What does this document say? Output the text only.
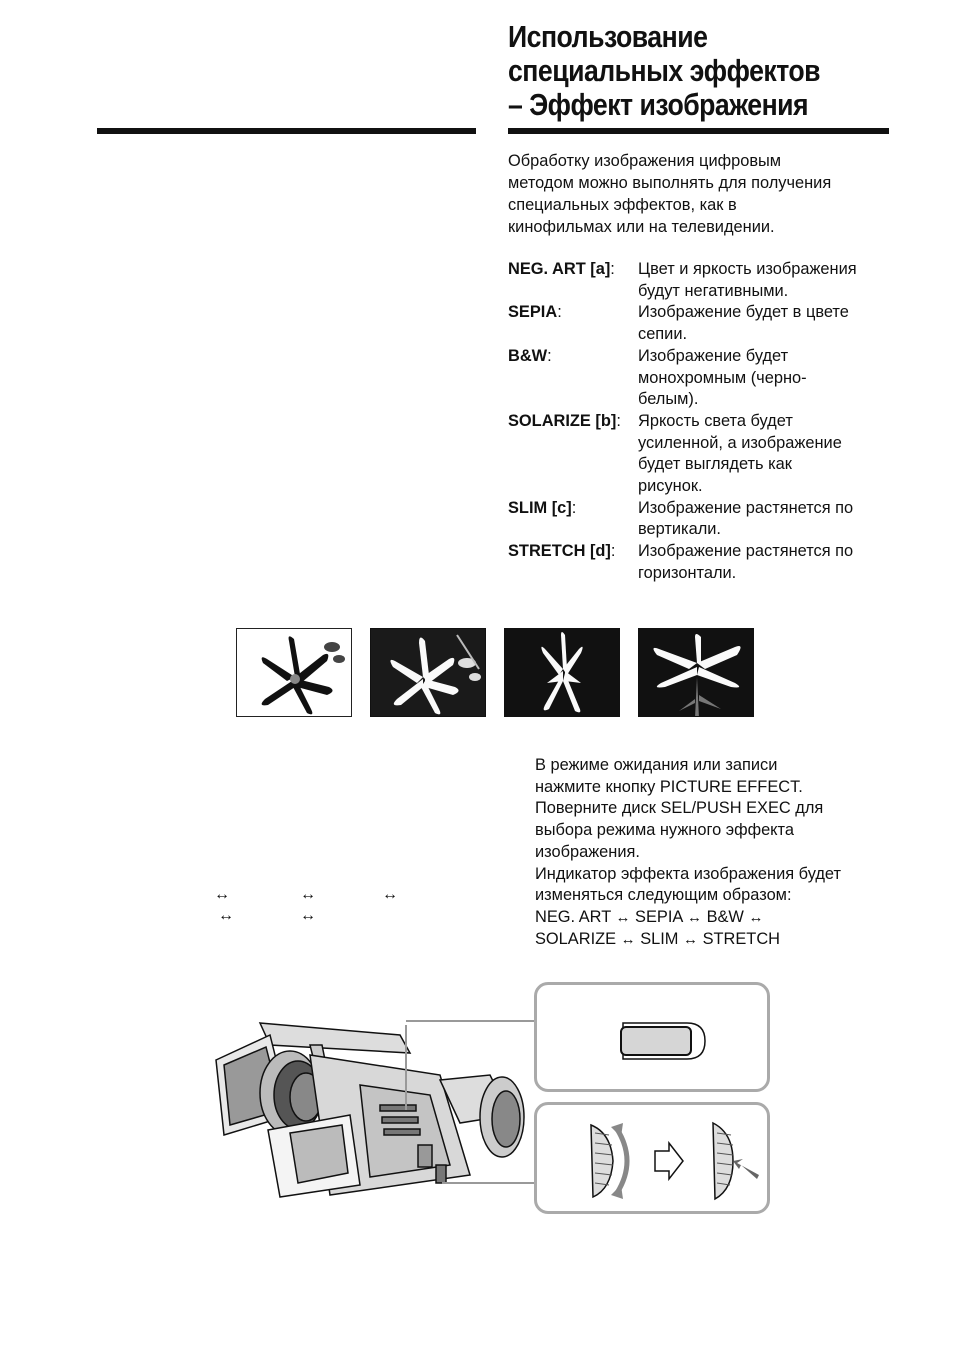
Использование
специальных эффектов
– Эффект изображения
Обработку изображения цифровым
методом можно выполнять для получения
специальных эффектов, как в
кинофильмах или на телевидении.
NEG. ART [a]:	Цвет и яркость изображения
будут негативными.
SEPIA:	Изображение будет в цвете
сепии.
B&W:	Изображение будет
монохромным (черно-
белым).
SOLARIZE [b]:	Яркость света будет
усиленной, а изображение
будет выглядеть как
рисунок.
SLIM [c]:	Изображение растянется по
вертикали.
STRETCH [d]:	Изображение растянется по
горизонтали.
↔	↔	↔
↔	↔
В режиме ожидания или записи
нажмите кнопку PICTURE EFFECT.
Поверните диск SEL/PUSH EXEC для
выбора режима нужного эффекта
изображения.
Индикатор эффекта изображения будет
изменяться следующим образом:
NEG. ART ↔ SEPIA ↔ B&W ↔
SOLARIZE ↔ SLIM ↔ STRETCH
